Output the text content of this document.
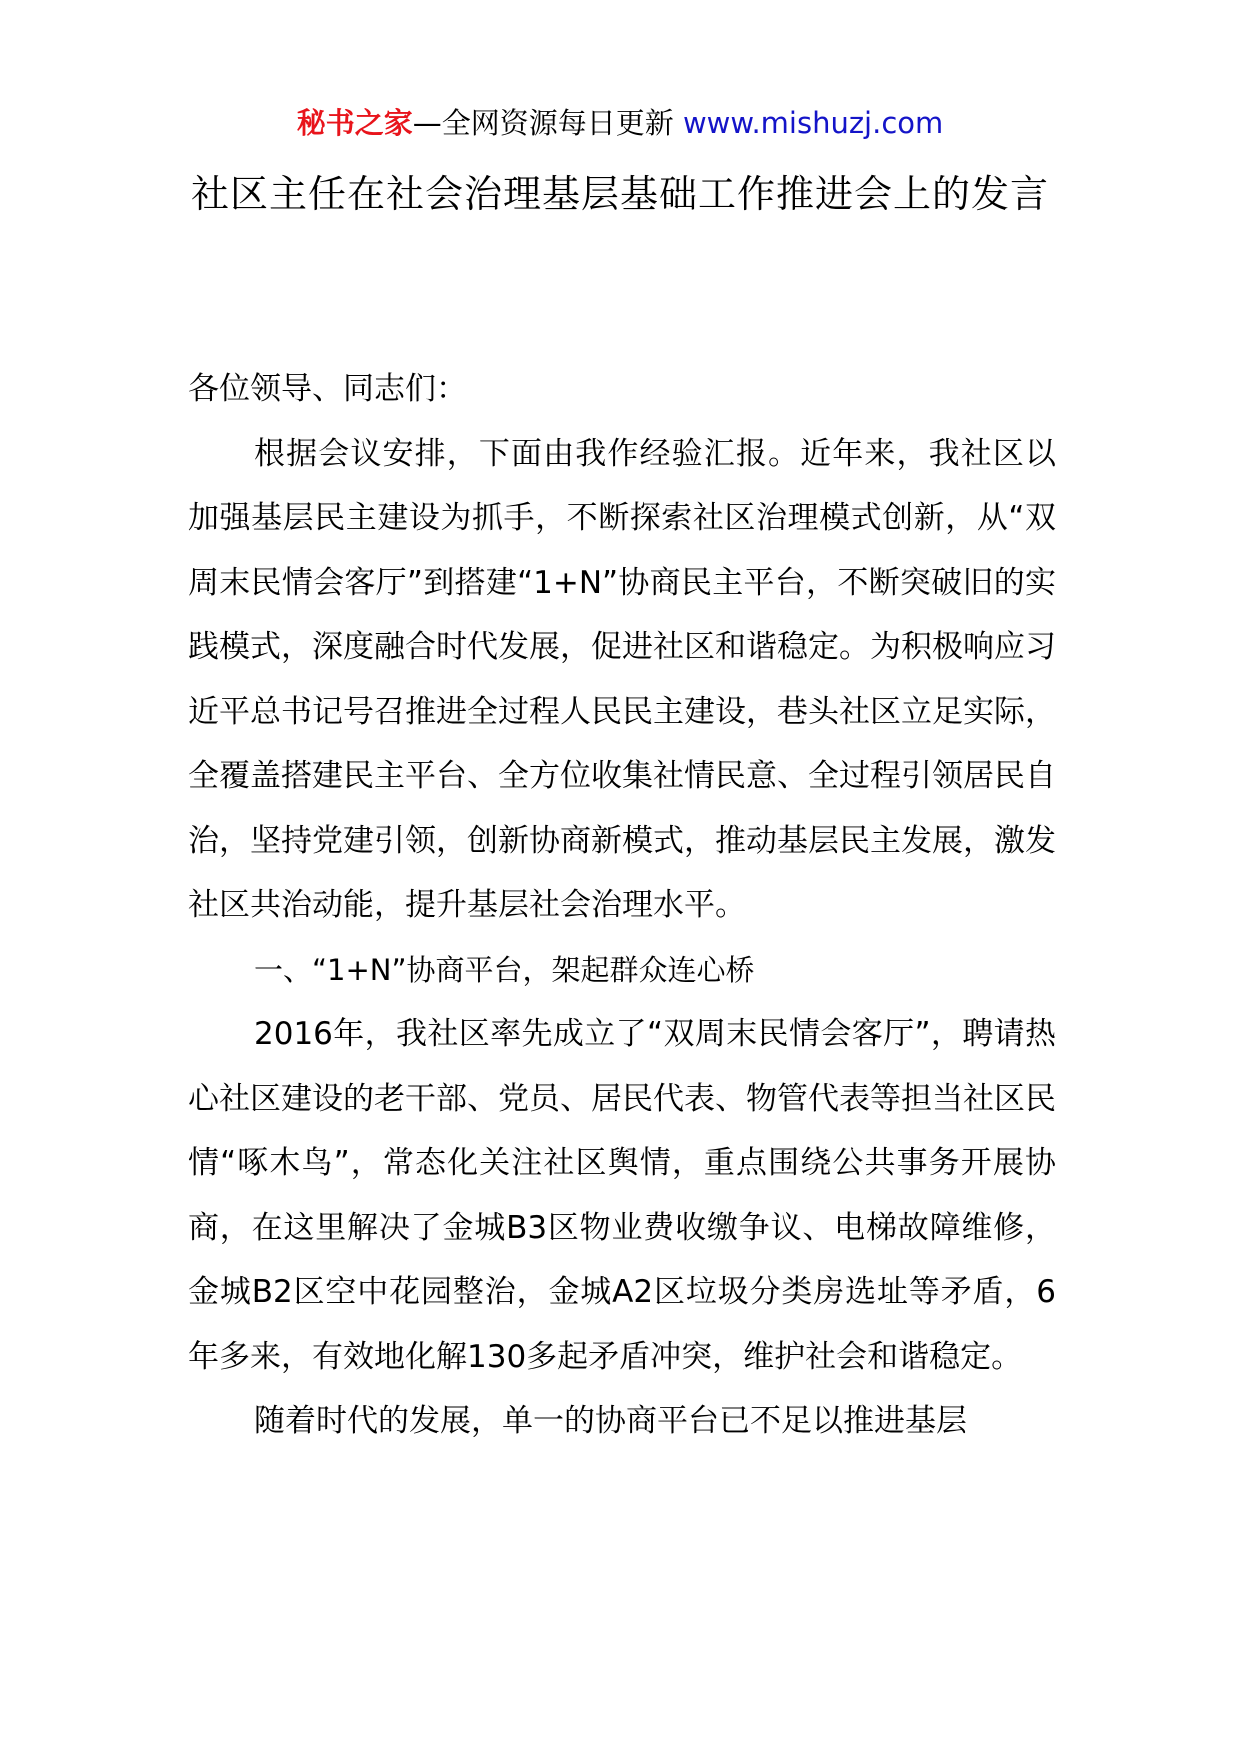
秘书之家—全网资源每日更新 www.mishuzj.com
社区主任在社会治理基层基础工作推进会上的发言

各位领导、同志们：

根据会议安排，下面由我作经验汇报。近年来，我社区以加强基层民主建设为抓手，不断探索社区治理模式创新，从“双周末民情会客厅”到搭建“1+N”协商民主平台，不断突破旧的实践模式，深度融合时代发展，促进社区和谐稳定。为积极响应习近平总书记号召推进全过程人民民主建设，巷头社区立足实际，全覆盖搭建民主平台、全方位收集社情民意、全过程引领居民自治，坚持党建引领，创新协商新模式，推动基层民主发展，激发社区共治动能，提升基层社会治理水平。

一、“1+N”协商平台，架起群众连心桥

2016年，我社区率先成立了“双周末民情会客厅”，聘请热心社区建设的老干部、党员、居民代表、物管代表等担当社区民情“啄木鸟”，常态化关注社区舆情，重点围绕公共事务开展协商，在这里解决了金城B3区物业费收缴争议、电梯故障维修，金城B2区空中花园整治，金城A2区垃圾分类房选址等矛盾，6年多来，有效地化解130多起矛盾冲突，维护社会和谐稳定。

随着时代的发展，单一的协商平台已不足以推进基层
